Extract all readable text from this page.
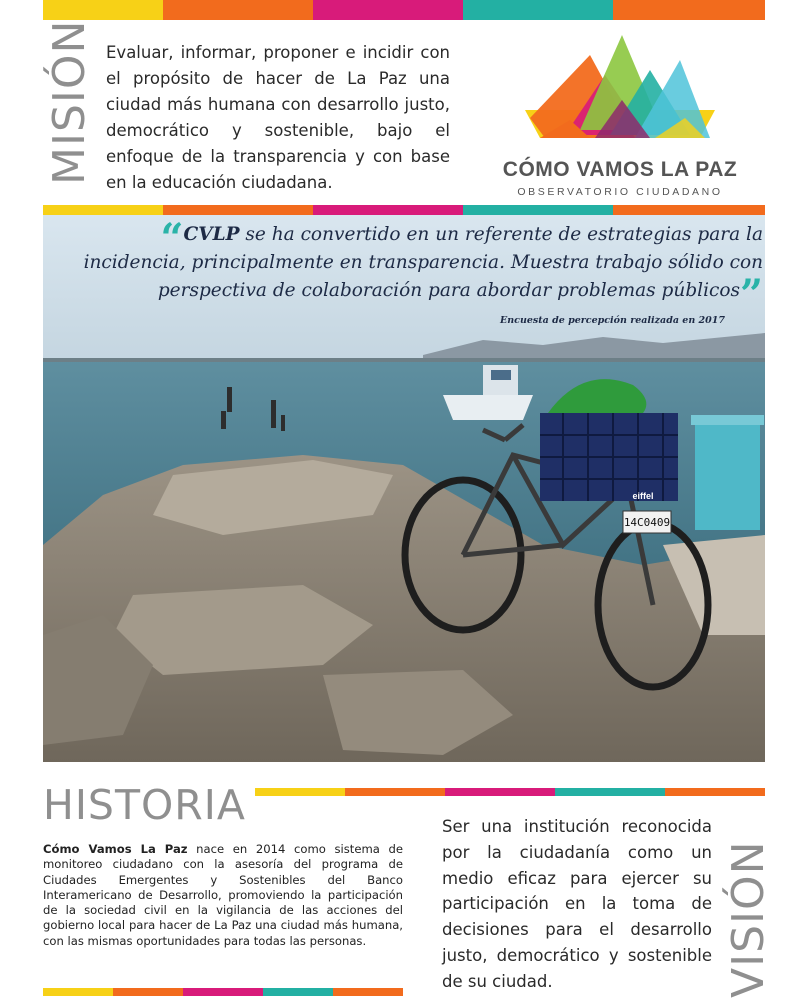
MISIÓN Evaluar, informar, proponer e incidir con el propósito de hacer de La Paz una ciudad más humana con desarrollo justo, democrático y sostenible, bajo el enfoque de la transparencia y con base en la educación ciudadana.

CÓMO VAMOS LA PAZ
OBSERVATORIO CIUDADANO
14C0409
eiffel

“CVLP se ha convertido en un referente de estrategias para la incidencia, principalmente en transparencia. Muestra trabajo sólido con perspectiva de colaboración para abordar problemas públicos”

Encuesta de percepción realizada en 2017
HISTORIA

Cómo Vamos La Paz nace en 2014 como sistema de monitoreo ciudadano con la asesoría del programa de Ciudades Emergentes y Sostenibles del Banco Interamericano de Desarrollo, promoviendo la participación de la sociedad civil en la vigilancia de las acciones del gobierno local para hacer de La Paz una ciudad más humana, con las mismas oportunidades para todas las personas.

Ser una institución reconocida por la ciudadanía como un medio eficaz para ejercer su participación en la toma de decisiones para el desarrollo justo, democrático y sostenible de su ciudad.	VISIÓN
